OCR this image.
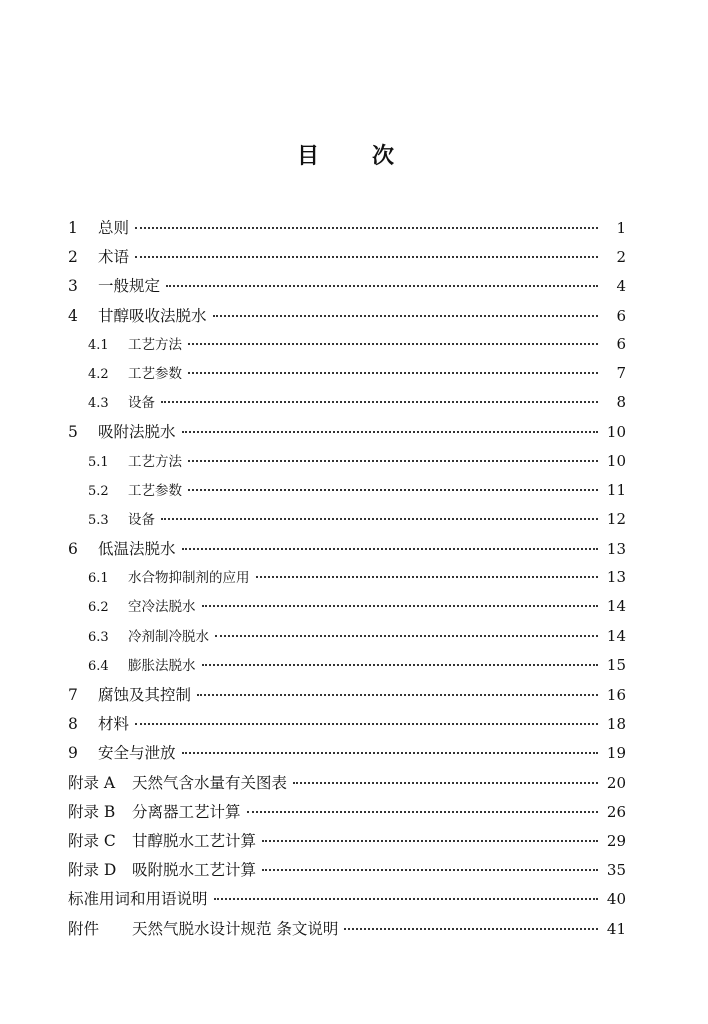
目 次
1	总则	1
2	术语	2
3	一般规定	4
4	甘醇吸收法脱水	6
4.1	工艺方法	6
4.2	工艺参数	7
4.3	设备	8
5	吸附法脱水	10
5.1	工艺方法	10
5.2	工艺参数	11
5.3	设备	12
6	低温法脱水	13
6.1	水合物抑制剂的应用	13
6.2	空冷法脱水	14
6.3	冷剂制冷脱水	14
6.4	膨胀法脱水	15
7	腐蚀及其控制	16
8	材料	18
9	安全与泄放	19
附录 A	天然气含水量有关图表	20
附录 B	分离器工艺计算	26
附录 C	甘醇脱水工艺计算	29
附录 D	吸附脱水工艺计算	35
标准用词和用语说明	40
附件	天然气脱水设计规范 条文说明	41
